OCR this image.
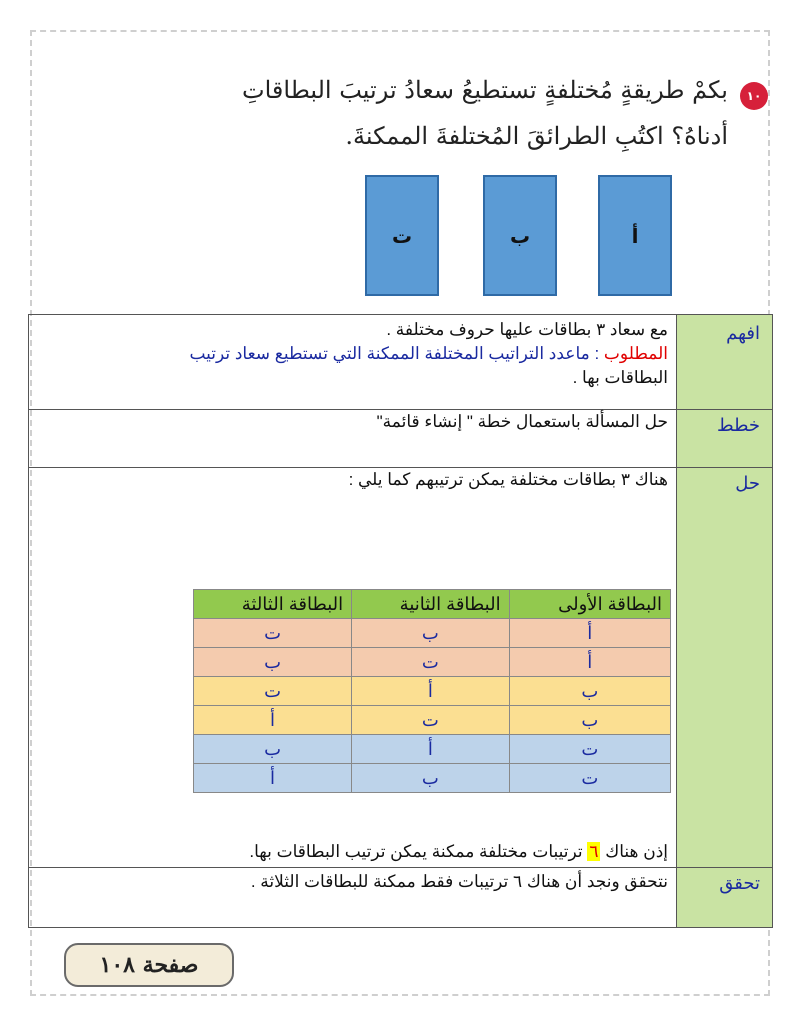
١٠
بكمْ طريقةٍ مُختلفةٍ تستطيعُ سعادُ ترتيبَ البطاقاتِ
أدناهُ؟ اكتُبِ الطرائقَ المُختلفةَ الممكنةَ.
أ
ب
ت
افهم
خطط
حل
تحقق
مع سعاد ٣ بطاقات عليها حروف مختلفة .
المطلوب : ماعدد التراتيب المختلفة الممكنة التي تستطيع سعاد ترتيب
البطاقات بها .
حل المسألة باستعمال خطة " إنشاء قائمة"
هناك ٣ بطاقات مختلفة يمكن ترتيبهم كما يلي :
إذن هناك ٦ ترتيبات مختلفة ممكنة يمكن ترتيب البطاقات بها.
نتحقق ونجد أن هناك ٦ ترتيبات فقط ممكنة للبطاقات الثلاثة .
البطاقة الأولى	البطاقة الثانية	البطاقة الثالثة
أ	ب	ت
أ	ت	ب
ب	أ	ت
ب	ت	أ
ت	أ	ب
ت	ب	أ
صفحة ١٠٨
